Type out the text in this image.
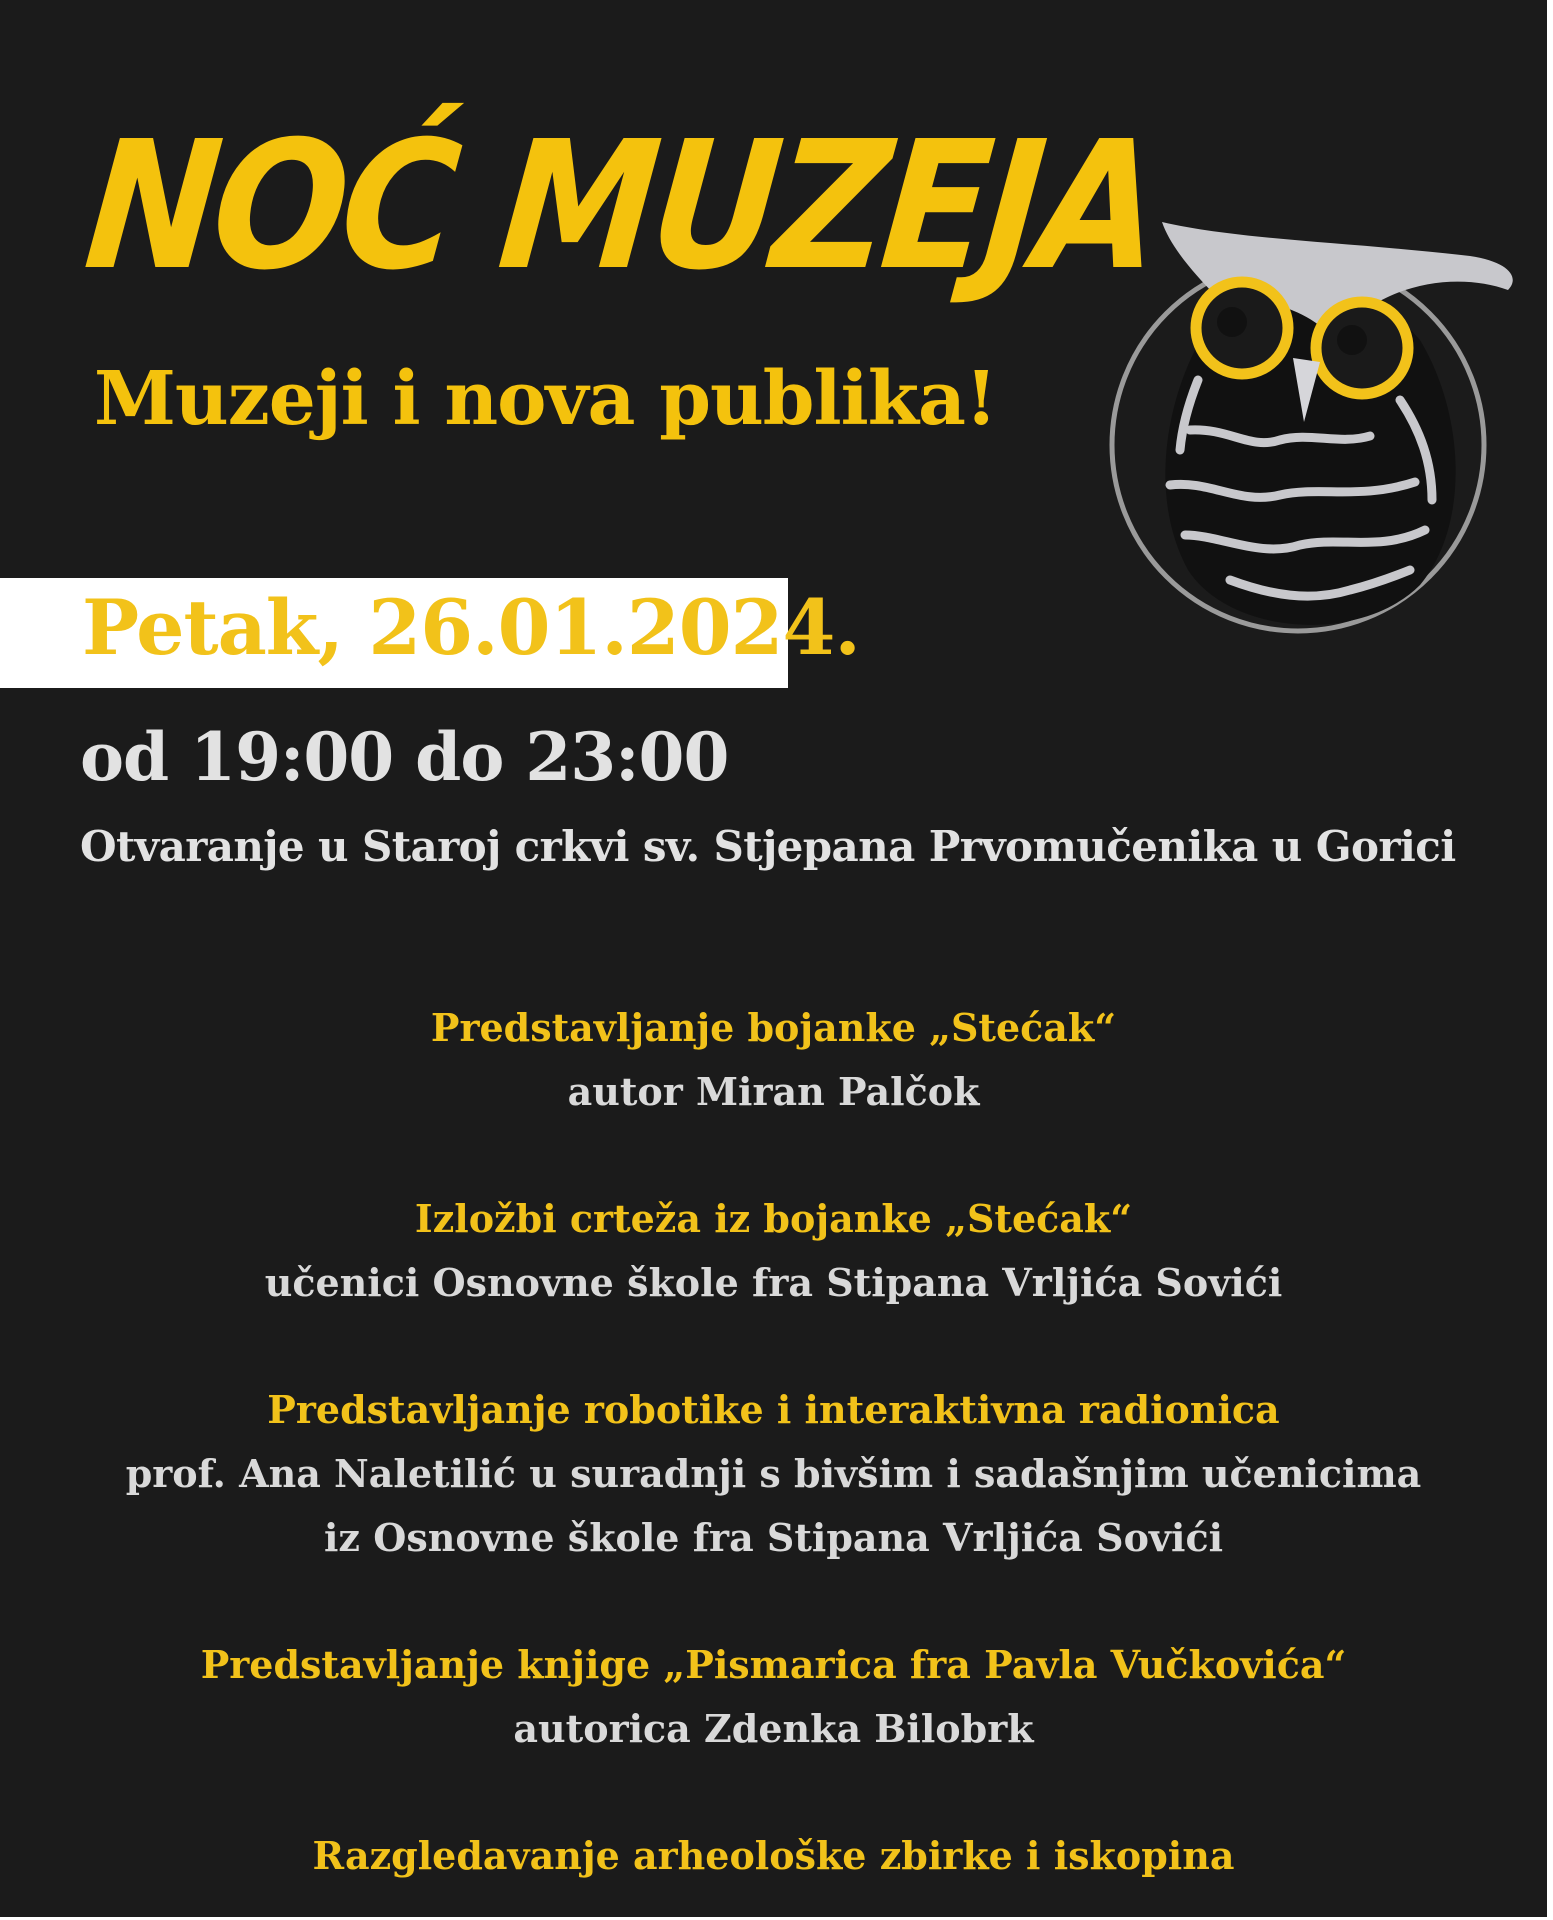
NOĆ MUZEJA
Muzeji i nova publika!
Petak, 26.01.2024.
od 19:00 do 23:00
Otvaranje u Staroj crkvi sv. Stjepana Prvomučenika u Gorici
Predstavljanje bojanke „Stećak“
autor Miran Palčok
Izložbi crteža iz bojanke „Stećak“
učenici Osnovne škole fra Stipana Vrljića Sovići
Predstavljanje robotike i interaktivna radionica
prof. Ana Naletilić u suradnji s bivšim i sadašnjim učenicima
iz Osnovne škole fra Stipana Vrljića Sovići
Predstavljanje knjige „Pismarica fra Pavla Vučkovića“
autorica Zdenka Bilobrk
Razgledavanje arheološke zbirke i iskopina
